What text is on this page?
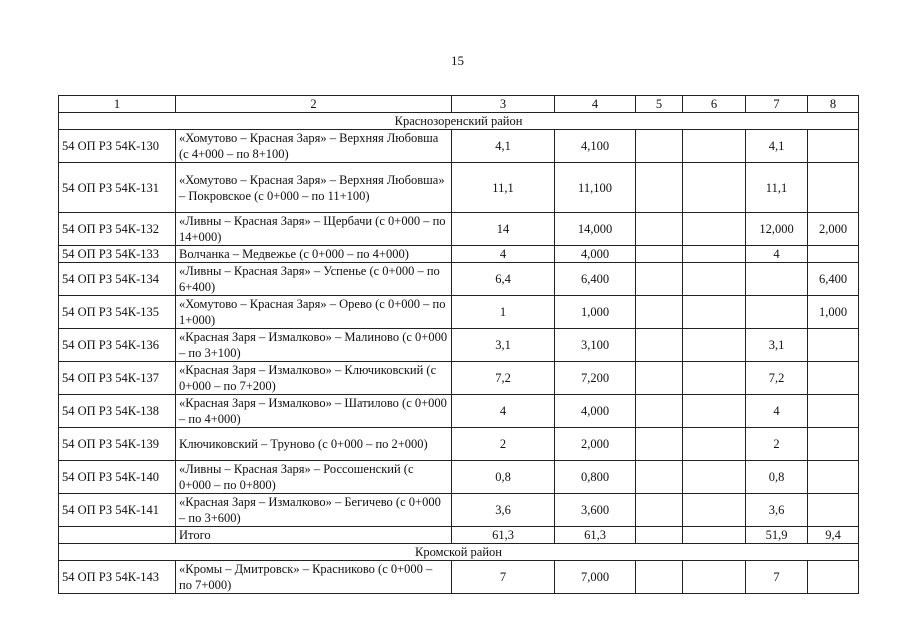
15
1	2	3	4	5	6	7	8
Краснозоренский район							
54 ОП РЗ 54К-130	«Хомутово – Красная Заря» – Верхняя Любовша (с 4+000 – по 8+100)	4,1	4,100			4,1	
54 ОП РЗ 54К-131	«Хомутово – Красная Заря» – Верхняя Любовша» – Покровское (с 0+000 – по 11+100)	11,1	11,100			11,1	
54 ОП РЗ 54К-132	«Ливны – Красная Заря» – Щербачи (с 0+000 – по 14+000)	14	14,000			12,000	2,000
54 ОП РЗ 54К-133	Волчанка – Медвежье (с 0+000 – по 4+000)	4	4,000			4	
54 ОП РЗ 54К-134	«Ливны – Красная Заря» – Успенье (с 0+000 – по 6+400)	6,4	6,400				6,400
54 ОП РЗ 54К-135	«Хомутово – Красная Заря» – Орево (с 0+000 – по 1+000)	1	1,000				1,000
54 ОП РЗ 54К-136	«Красная Заря – Измалково» – Малиново (с 0+000 – по 3+100)	3,1	3,100			3,1	
54 ОП РЗ 54К-137	«Красная Заря – Измалково» – Ключиковский (с 0+000 – по 7+200)	7,2	7,200			7,2	
54 ОП РЗ 54К-138	«Красная Заря – Измалково» – Шатилово (с 0+000 – по 4+000)	4	4,000			4	
54 ОП РЗ 54К-139	Ключиковский – Труново (с 0+000 – по 2+000)	2	2,000			2	
54 ОП РЗ 54К-140	«Ливны – Красная Заря» – Россошенский (с 0+000 – по 0+800)	0,8	0,800			0,8	
54 ОП РЗ 54К-141	«Красная Заря – Измалково» – Бегичево (с 0+000 – по 3+600)	3,6	3,600			3,6	
	Итого	61,3	61,3			51,9	9,4
Кромской район							
54 ОП РЗ 54К-143	«Кромы – Дмитровск» – Красниково (с 0+000 – по 7+000)	7	7,000			7	
